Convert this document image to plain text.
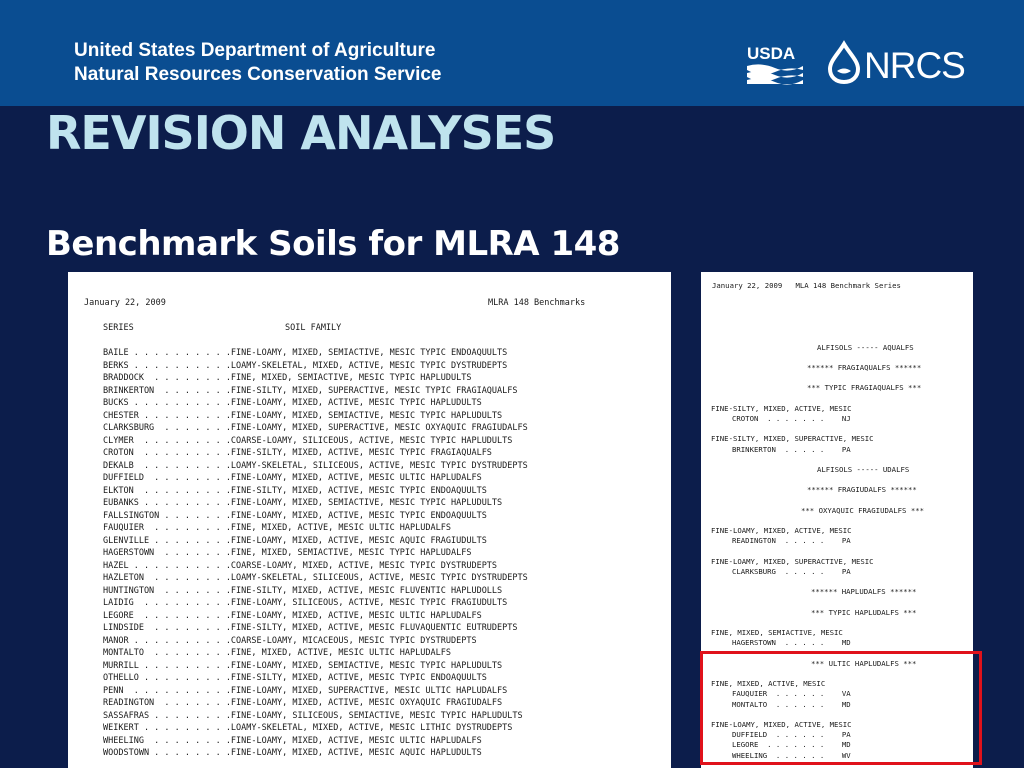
United States Department of Agriculture
Natural Resources Conservation Service
USDA NRCS
REVISION ANALYSES
Benchmark Soils for MLRA 148

January 22, 2009

	MLRA 148 Benchmarks

SERIES

	SOIL FAMILY

BAILE . . . . . . . . . .FINE-LOAMY, MIXED, SEMIACTIVE, MESIC TYPIC ENDOAQUULTS
BERKS . . . . . . . . . .LOAMY-SKELETAL, MIXED, ACTIVE, MESIC TYPIC DYSTRUDEPTS
BRADDOCK  . . . . . . . .FINE, MIXED, SEMIACTIVE, MESIC TYPIC HAPLUDULTS
BRINKERTON  . . . . . . .FINE-SILTY, MIXED, SUPERACTIVE, MESIC TYPIC FRAGIAQUALFS
BUCKS . . . . . . . . . .FINE-LOAMY, MIXED, ACTIVE, MESIC TYPIC HAPLUDULTS
CHESTER . . . . . . . . .FINE-LOAMY, MIXED, SEMIACTIVE, MESIC TYPIC HAPLUDULTS
CLARKSBURG  . . . . . . .FINE-LOAMY, MIXED, SUPERACTIVE, MESIC OXYAQUIC FRAGIUDALFS
CLYMER  . . . . . . . . .COARSE-LOAMY, SILICEOUS, ACTIVE, MESIC TYPIC HAPLUDULTS
CROTON  . . . . . . . . .FINE-SILTY, MIXED, ACTIVE, MESIC TYPIC FRAGIAQUALFS
DEKALB  . . . . . . . . .LOAMY-SKELETAL, SILICEOUS, ACTIVE, MESIC TYPIC DYSTRUDEPTS
DUFFIELD  . . . . . . . .FINE-LOAMY, MIXED, ACTIVE, MESIC ULTIC HAPLUDALFS
ELKTON  . . . . . . . . .FINE-SILTY, MIXED, ACTIVE, MESIC TYPIC ENDOAQUULTS
EUBANKS . . . . . . . . .FINE-LOAMY, MIXED, SEMIACTIVE, MESIC TYPIC HAPLUDULTS
FALLSINGTON . . . . . . .FINE-LOAMY, MIXED, ACTIVE, MESIC TYPIC ENDOAQUULTS
FAUQUIER  . . . . . . . .FINE, MIXED, ACTIVE, MESIC ULTIC HAPLUDALFS
GLENVILLE . . . . . . . .FINE-LOAMY, MIXED, ACTIVE, MESIC AQUIC FRAGIUDULTS
HAGERSTOWN  . . . . . . .FINE, MIXED, SEMIACTIVE, MESIC TYPIC HAPLUDALFS
HAZEL . . . . . . . . . .COARSE-LOAMY, MIXED, ACTIVE, MESIC TYPIC DYSTRUDEPTS
HAZLETON  . . . . . . . .LOAMY-SKELETAL, SILICEOUS, ACTIVE, MESIC TYPIC DYSTRUDEPTS
HUNTINGTON  . . . . . . .FINE-SILTY, MIXED, ACTIVE, MESIC FLUVENTIC HAPLUDOLLS
LAIDIG  . . . . . . . . .FINE-LOAMY, SILICEOUS, ACTIVE, MESIC TYPIC FRAGIUDULTS
LEGORE  . . . . . . . . .FINE-LOAMY, MIXED, ACTIVE, MESIC ULTIC HAPLUDALFS
LINDSIDE  . . . . . . . .FINE-SILTY, MIXED, ACTIVE, MESIC FLUVAQUENTIC EUTRUDEPTS
MANOR . . . . . . . . . .COARSE-LOAMY, MICACEOUS, MESIC TYPIC DYSTRUDEPTS
MONTALTO  . . . . . . . .FINE, MIXED, ACTIVE, MESIC ULTIC HAPLUDALFS
MURRILL . . . . . . . . .FINE-LOAMY, MIXED, SEMIACTIVE, MESIC TYPIC HAPLUDULTS
OTHELLO . . . . . . . . .FINE-SILTY, MIXED, ACTIVE, MESIC TYPIC ENDOAQUULTS
PENN  . . . . . . . . . .FINE-LOAMY, MIXED, SUPERACTIVE, MESIC ULTIC HAPLUDALFS
READINGTON  . . . . . . .FINE-LOAMY, MIXED, ACTIVE, MESIC OXYAQUIC FRAGIUDALFS
SASSAFRAS . . . . . . . .FINE-LOAMY, SILICEOUS, SEMIACTIVE, MESIC TYPIC HAPLUDULTS
WEIKERT . . . . . . . . .LOAMY-SKELETAL, MIXED, ACTIVE, MESIC LITHIC DYSTRUDEPTS
WHEELING  . . . . . . . .FINE-LOAMY, MIXED, ACTIVE, MESIC ULTIC HAPLUDALFS
WOODSTOWN . . . . . . . .FINE-LOAMY, MIXED, ACTIVE, MESIC AQUIC HAPLUDULTS

January 22, 2009   MLA 148 Benchmark Series

ALFISOLS ----- AQUALFS
****** FRAGIAQUALFS ******
*** TYPIC FRAGIAQUALFS ***
FINE-SILTY, MIXED, ACTIVE, MESIC
CROTON  . . . . . . .    NJ
FINE-SILTY, MIXED, SUPERACTIVE, MESIC
BRINKERTON  . . . . .    PA
ALFISOLS ----- UDALFS
****** FRAGIUDALFS ******
*** OXYAQUIC FRAGIUDALFS ***
FINE-LOAMY, MIXED, ACTIVE, MESIC
READINGTON  . . . . .    PA
FINE-LOAMY, MIXED, SUPERACTIVE, MESIC
CLARKSBURG  . . . . .    PA
****** HAPLUDALFS ******
*** TYPIC HAPLUDALFS ***
FINE, MIXED, SEMIACTIVE, MESIC
HAGERSTOWN  . . . . .    MD
*** ULTIC HAPLUDALFS ***
FINE, MIXED, ACTIVE, MESIC
FAUQUIER  . . . . . .    VA
MONTALTO  . . . . . .    MD
FINE-LOAMY, MIXED, ACTIVE, MESIC
DUFFIELD  . . . . . .    PA
LEGORE  . . . . . . .    MD
WHEELING  . . . . . .    WV
